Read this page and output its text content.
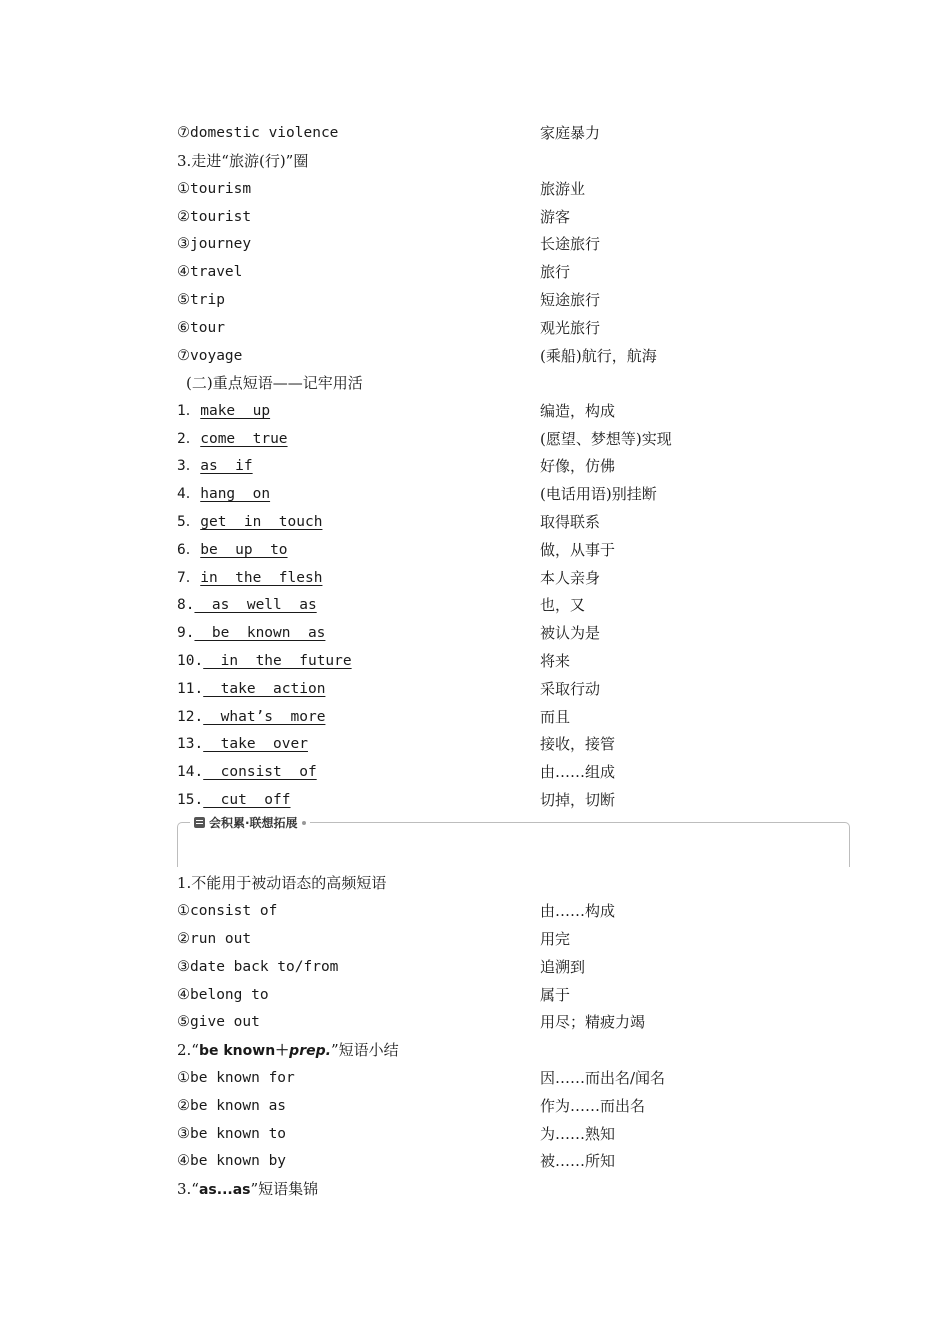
⑦domestic violence	家庭暴力
3.走进“旅游(行)”圈
①tourism	旅游业
②tourist	游客
③journey	长途旅行
④travel	旅行
⑤trip	短途旅行
⑥tour	观光旅行
⑦voyage	(乘船)航行，航海
(二)重点短语——记牢用活
1．make  up	编造，构成
2．come  true	(愿望、梦想等)实现
3．as  if	好像，仿佛
4．hang  on	(电话用语)别挂断
5．get  in  touch	取得联系
6．be  up  to	做，从事于
7．in  the  flesh	本人亲身
8.  as  well  as	也，又
9.  be  known  as	被认为是
10.  in  the  future	将来
11.  take  action	采取行动
12.  what’s  more	而且
13.  take  over	接收，接管
14.  consist  of	由……组成
15.  cut  off	切掉，切断
会积累·联想拓展
1.不能用于被动语态的高频短语
①consist of	由……构成
②run out	用完
③date back to/from	追溯到
④belong to	属于
⑤give out	用尽；精疲力竭
2.“be known＋prep.”短语小结
①be known for	因……而出名/闻名
②be known as	作为……而出名
③be known to	为……熟知
④be known by	被……所知
3.“as...as”短语集锦
